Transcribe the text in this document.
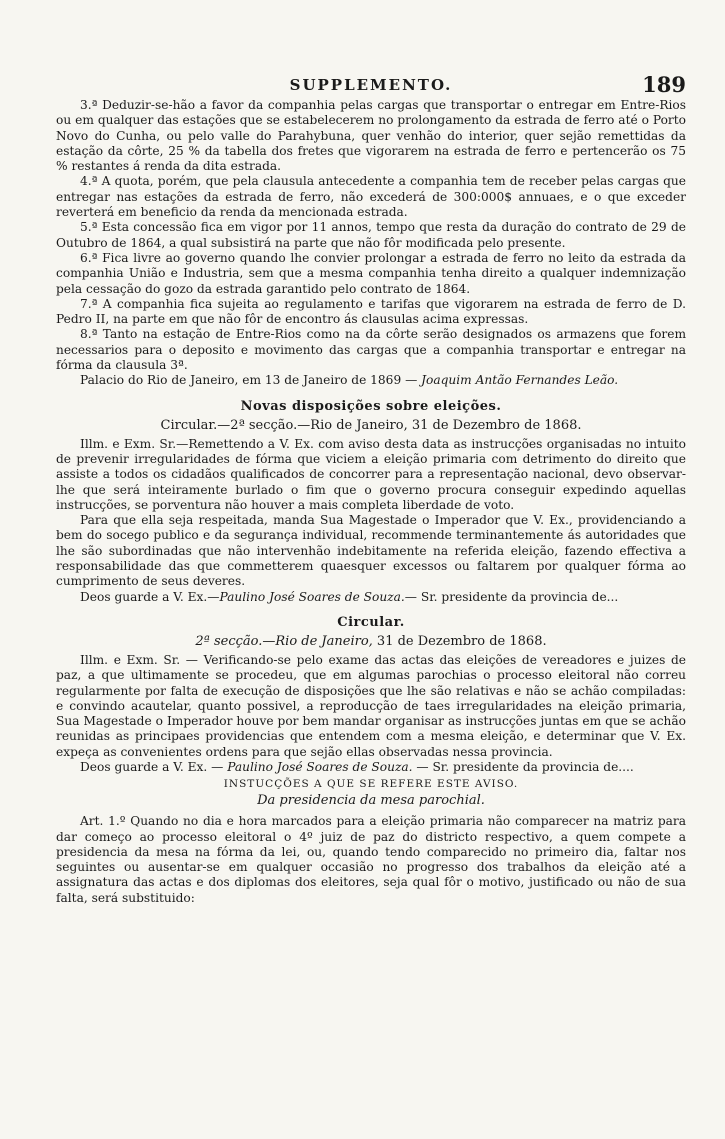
SUPPLEMENTO.	189

3.ª Deduzir-se-hão a favor da companhia pelas cargas que transportar o entregar em Entre-Rios ou em qualquer das estações que se estabelecerem no prolongamento da estrada de ferro até o Porto Novo do Cunha, ou pelo valle do Parahybuna, quer venhão do interior, quer sejão remettidas da estação da côrte, 25 % da tabella dos fretes que vigorarem na estrada de ferro e pertencerão os 75 % restantes á renda da dita estrada.

4.ª A quota, porém, que pela clausula antecedente a companhia tem de receber pelas cargas que entregar nas estações da estrada de ferro, não excederá de 300:000$ annuaes, e o que exceder reverterá em beneficio da renda da mencionada estrada.

5.ª Esta concessão fica em vigor por 11 annos, tempo que resta da duração do contrato de 29 de Outubro de 1864, a qual subsistirá na parte que não fôr modificada pelo presente.

6.ª Fica livre ao governo quando lhe convier prolongar a estrada de ferro no leito da estrada da companhia União e Industria, sem que a mesma companhia tenha direito a qualquer indemnização pela cessação do gozo da estrada garantido pelo contrato de 1864.

7.ª A companhia fica sujeita ao regulamento e tarifas que vigorarem na estrada de ferro de D. Pedro II, na parte em que não fôr de encontro ás clausulas acima expressas.

8.ª Tanto na estação de Entre-Rios como na da côrte serão designados os armazens que forem necessarios para o deposito e movimento das cargas que a companhia transportar e entregar na fórma da clausula 3ª.

Palacio do Rio de Janeiro, em 13 de Janeiro de 1869 — Joaquim Antão Fernandes Leão.

Novas disposições sobre eleições.
Circular.—2ª secção.—Rio de Janeiro, 31 de Dezembro de 1868.

Illm. e Exm. Sr.—Remettendo a V. Ex. com aviso desta data as instrucções organisadas no intuito de prevenir irregularidades de fórma que viciem a eleição primaria com detrimento do direito que assiste a todos os cidadãos qualificados de concorrer para a representação nacional, devo observar-lhe que será inteiramente burlado o fim que o governo procura conseguir expedindo aquellas instrucções, se porventura não houver a mais completa liberdade de voto.

Para que ella seja respeitada, manda Sua Magestade o Imperador que V. Ex., providenciando a bem do socego publico e da segurança individual, recommende terminantemente ás autoridades que lhe são subordinadas que não intervenhão indebitamente na referida eleição, fazendo effectiva a responsabilidade das que commetterem quaesquer excessos ou faltarem por qualquer fórma ao cumprimento de seus deveres.

Deos guarde a V. Ex.—Paulino José Soares de Souza.— Sr. presidente da provincia de...

Circular.
2ª secção.—Rio de Janeiro, 31 de Dezembro de 1868.

Illm. e Exm. Sr. — Verificando-se pelo exame das actas das eleições de vereadores e juizes de paz, a que ultimamente se procedeu, que em algumas parochias o processo eleitoral não correu regularmente por falta de execução de disposições que lhe são relativas e não se achão compiladas: e convindo acautelar, quanto possivel, a reproducção de taes irregularidades na eleição primaria, Sua Magestade o Imperador houve por bem mandar organisar as instrucções juntas em que se achão reunidas as principaes providencias que entendem com a mesma eleição, e determinar que V. Ex. expeça as convenientes ordens para que sejão ellas observadas nessa provincia.

Deos guarde a V. Ex. — Paulino José Soares de Souza. — Sr. presidente da provincia de....

INSTUCÇÕES A QUE SE REFERE ESTE AVISO.
Da presidencia da mesa parochial.

Art. 1.º Quando no dia e hora marcados para a eleição primaria não comparecer na matriz para dar começo ao processo eleitoral o 4º juiz de paz do districto respectivo, a quem compete a presidencia da mesa na fórma da lei, ou, quando tendo comparecido no primeiro dia, faltar nos seguintes ou ausentar-se em qualquer occasião no progresso dos trabalhos da eleição até a assignatura das actas e dos diplomas dos eleitores, seja qual fôr o motivo, justificado ou não de sua falta, será substituido:
